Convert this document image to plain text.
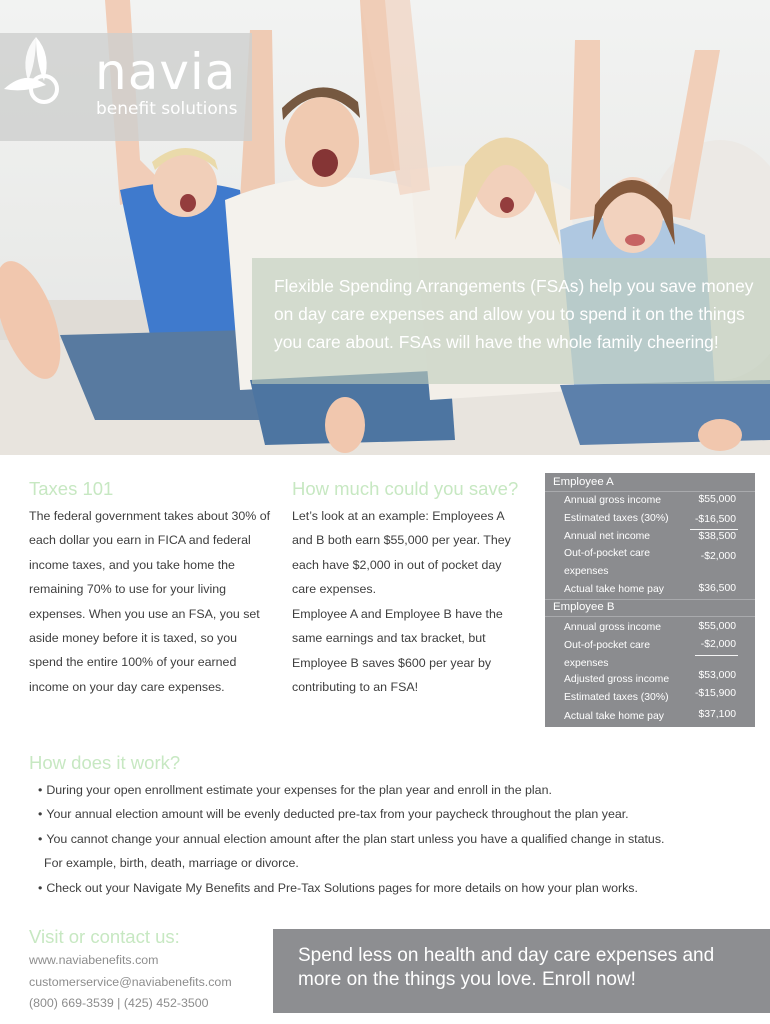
navia
benefit solutions

Flexible Spending Arrangements (FSAs) help you save money on day care expenses and allow you to spend it on the things you care about. FSAs will have the whole family cheering!

Taxes 101

The federal government takes about 30% of each dollar you earn in FICA and federal income taxes, and you take home the remaining 70% to use for your living expenses. When you use an FSA, you set aside money before it is taxed, so you spend the entire 100% of your earned income on your day care expenses.

How much could you save?

Let’s look at an example: Employees A and B both earn $55,000 per year. They each have $2,000 in out of pocket day care expenses.

Employee A and Employee B have the same earnings and tax bracket, but Employee B saves $600 per year by contributing to an FSA!

Employee A
Annual gross income	$55,000
Estimated taxes (30%)	-$16,500
Annual net income	$38,500
Out-of-pocket care expenses
-$2,000
Actual take home pay	$36,500
Employee B
Annual gross income	$55,000
Out-of-pocket care expenses
-$2,000
Adjusted gross income	$53,000
Estimated taxes (30%)	-$15,900
Actual take home pay	$37,100
How does it work?
• During your open enrollment estimate your expenses for the plan year and enroll in the plan.
• Your annual election amount will be evenly deducted pre-tax from your paycheck throughout the plan year.
• You cannot change your annual election amount after the plan start unless you have a qualified change in status.
For example, birth, death, marriage or divorce.
• Check out your Navigate My Benefits and Pre-Tax Solutions pages for more details on how your plan works.
Visit or contact us:
www.naviabenefits.com
customerservice@naviabenefits.com
(800) 669-3539 | (425) 452-3500

Spend less on health and day care expenses and more on the things you love. Enroll now!
